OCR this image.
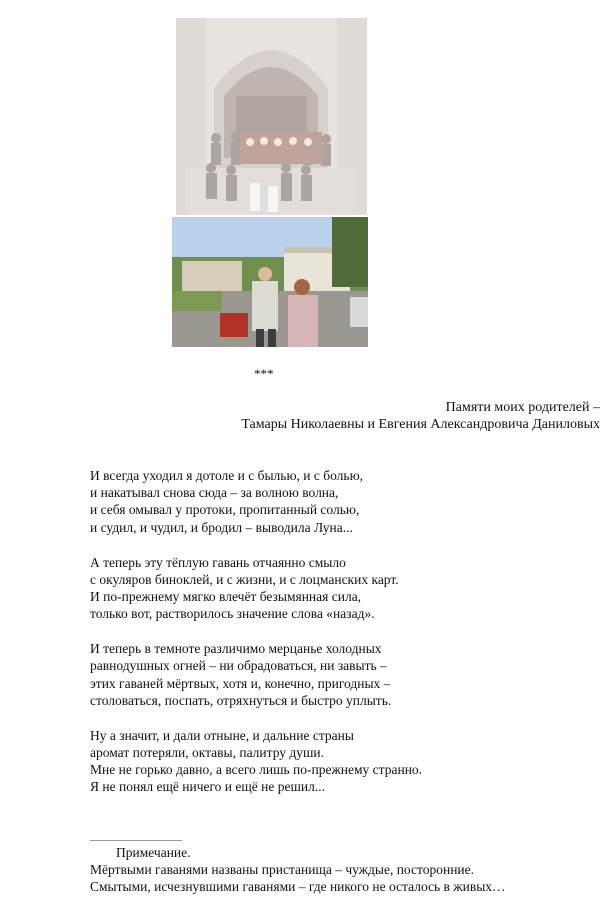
***
Памяти моих родителей –
Тамары Николаевны и Евгения Александровича Даниловых
И всегда уходил я дотоле и с былью, и с болью,
и накатывал снова сюда – за волною волна,
и себя омывал у протоки, пропитанный солью,
и судил, и чудил, и бродил – выводила Луна...
А теперь эту тёплую гавань отчаянно смыло
с окуляров биноклей, и с жизни, и с лоцманских карт.
И по-прежнему мягко влечёт безымянная сила,
только вот, растворилось значение слова «назад».
И теперь в темноте различимо мерцанье холодных
равнодушных огней – ни обрадоваться, ни завыть –
этих гаваней мёртвых, хотя и, конечно, пригодных –
столоваться, поспать, отряхнуться и быстро уплыть.
Ну а значит, и дали отныне, и дальние страны
аромат потеряли, октавы, палитру души.
Мне не горько давно, а всего лишь по-прежнему странно.
Я не понял ещё ничего и ещё не решил...
Примечание.
Мёртвыми гаванями названы пристанища – чуждые, посторонние.
Смытыми, исчезнувшими гаванями – где никого не осталось в живых…
